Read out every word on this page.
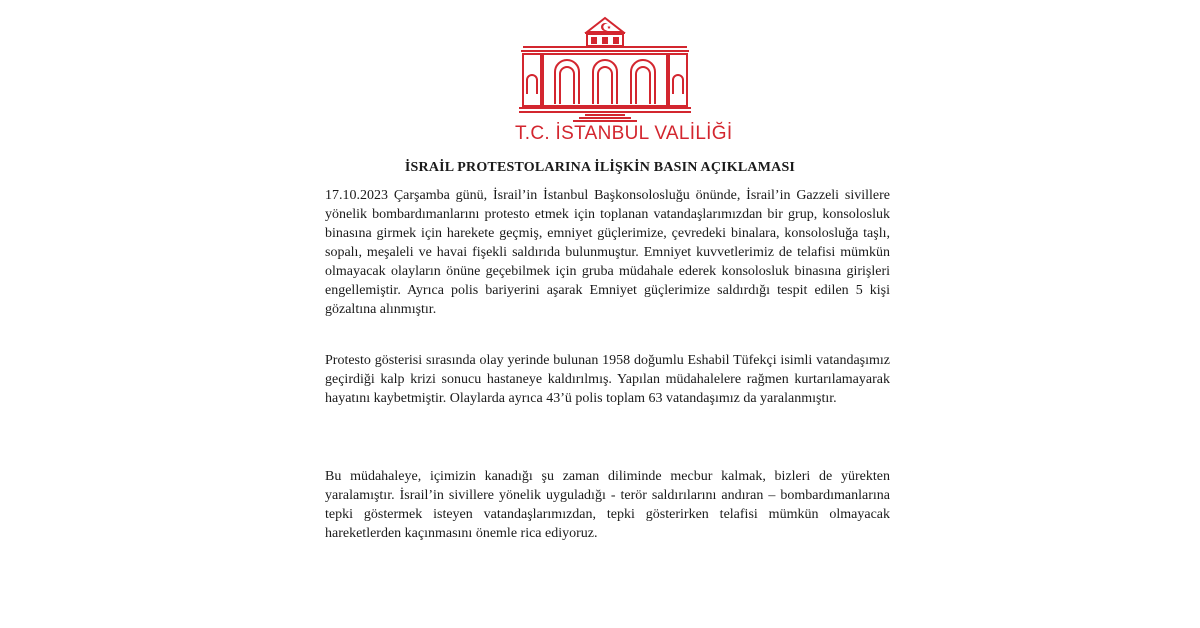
T.C. İSTANBUL VALİLİĞİ
İSRAİL PROTESTOLARINA İLİŞKİN BASIN AÇIKLAMASI

17.10.2023 Çarşamba günü, İsrail’in İstanbul Başkonsolosluğu önünde, İsrail’in Gazzeli sivillere yönelik bombardımanlarını protesto etmek için toplanan vatandaşlarımızdan bir grup, konsolosluk binasına girmek için harekete geçmiş, emniyet güçlerimize, çevredeki binalara, konsolosluğa taşlı, sopalı, meşaleli ve havai fişekli saldırıda bulunmuştur. Emniyet kuvvetlerimiz de telafisi mümkün olmayacak olayların önüne geçebilmek için gruba müdahale ederek konsolosluk binasına girişleri engellemiştir. Ayrıca polis bariyerini aşarak Emniyet güçlerimize saldırdığı tespit edilen 5 kişi gözaltına alınmıştır.

Protesto gösterisi sırasında olay yerinde bulunan 1958 doğumlu Eshabil Tüfekçi isimli vatandaşımız geçirdiği kalp krizi sonucu hastaneye kaldırılmış. Yapılan müdahalelere rağmen kurtarılamayarak hayatını kaybetmiştir. Olaylarda ayrıca 43’ü polis toplam 63 vatandaşımız da yaralanmıştır.

Bu müdahaleye, içimizin kanadığı şu zaman diliminde mecbur kalmak, bizleri de yürekten yaralamıştır. İsrail’in sivillere yönelik uyguladığı - terör saldırılarını andıran – bombardımanlarına tepki göstermek isteyen vatandaşlarımızdan, tepki gösterirken telafisi mümkün olmayacak hareketlerden kaçınmasını önemle rica ediyoruz.
